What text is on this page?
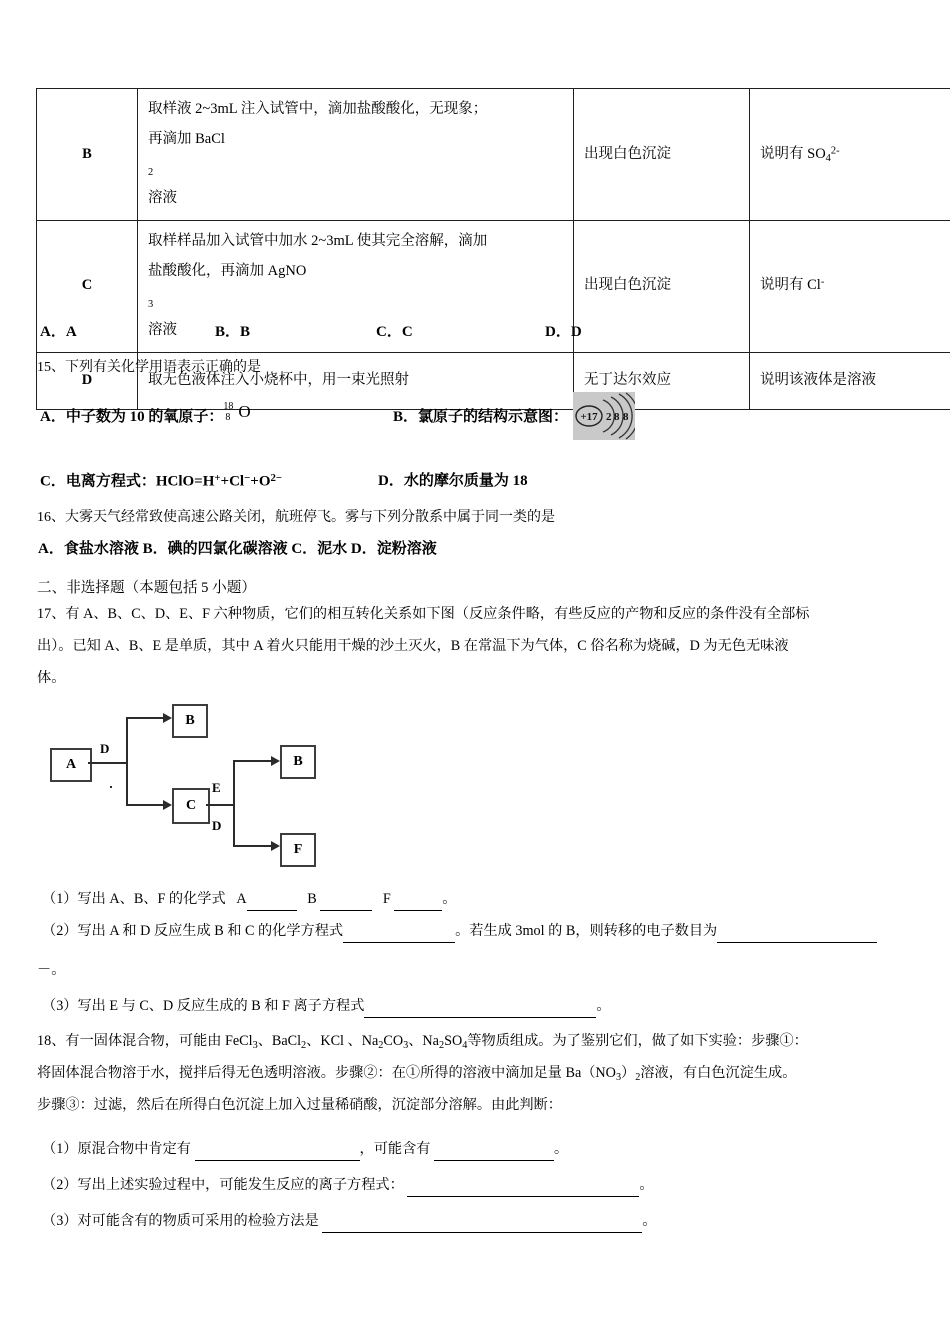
B	取样液 2~3mL 注入试管中，滴加盐酸酸化，无现象；
再滴加 BaCl
$_2$
溶液	出现白色沉淀	说明有 $SO_4^{2-}$
C	取样样品加入试管中加水 2~3mL 使其完全溶解，滴加
盐酸酸化，再滴加 AgNO
$_3$
溶液	出现白色沉淀	说明有 Cl-
D	取无色液体注入小烧杯中，用一束光照射	无丁达尔效应	说明该液体是溶液
A．A	B．B	C．C	D．D
15、下列有关化学用语表示正确的是
A．中子数为 10 的氧原子：
18
8 O	B．氯原子的结构示意图： +17 2 8 8
C．电离方程式：$HClO=H^++Cl^-+O^{2-}$	D．水的摩尔质量为 18
16、大雾天气经常致使高速公路关闭，航班停飞。雾与下列分散系中属于同一类的是
A．食盐水溶液 B．碘的四氯化碳溶液 C．泥水 D．淀粉溶液
二、非选择题（本题包括 5 小题）
17、有 A、B、C、D、E、F 六种物质，它们的相互转化关系如下图（反应条件略，有些反应的产物和反应的条件没有全部标
出）。已知 A、B、E 是单质，其中 A 着火只能用干燥的沙土灭火，B 在常温下为气体，C 俗名称为烧碱，D 为无色无味液
体。
A
B
C
B
F
D
E
D
（1）写出 A、B、F 的化学式 A	B	F	。
（2）写出 A 和 D 反应生成 B 和 C 的化学方程式	。若生成 3mol 的 B，则转移的电子数目为
－。
（3）写出 E 与 C、D 反应生成的 B 和 F 离子方程式	。
18、有一固体混合物，可能由 FeCl$_3$、BaCl$_2$、KCl 、$Na_2CO_3$、$Na_2SO_4$等物质组成。为了鉴别它们，做了如下实验：步骤①：
将固体混合物溶于水，搅拌后得无色透明溶液。步骤②：在①所得的溶液中滴加足量 $Ba(NO_3)_2$溶液，有白色沉淀生成。
步骤③：过滤，然后在所得白色沉淀上加入过量稀硝酸，沉淀部分溶解。由此判断：
（1）原混合物中肯定有	，可能含有	。
（2）写出上述实验过程中，可能发生反应的离子方程式：	。
（3）对可能含有的物质可采用的检验方法是	。
